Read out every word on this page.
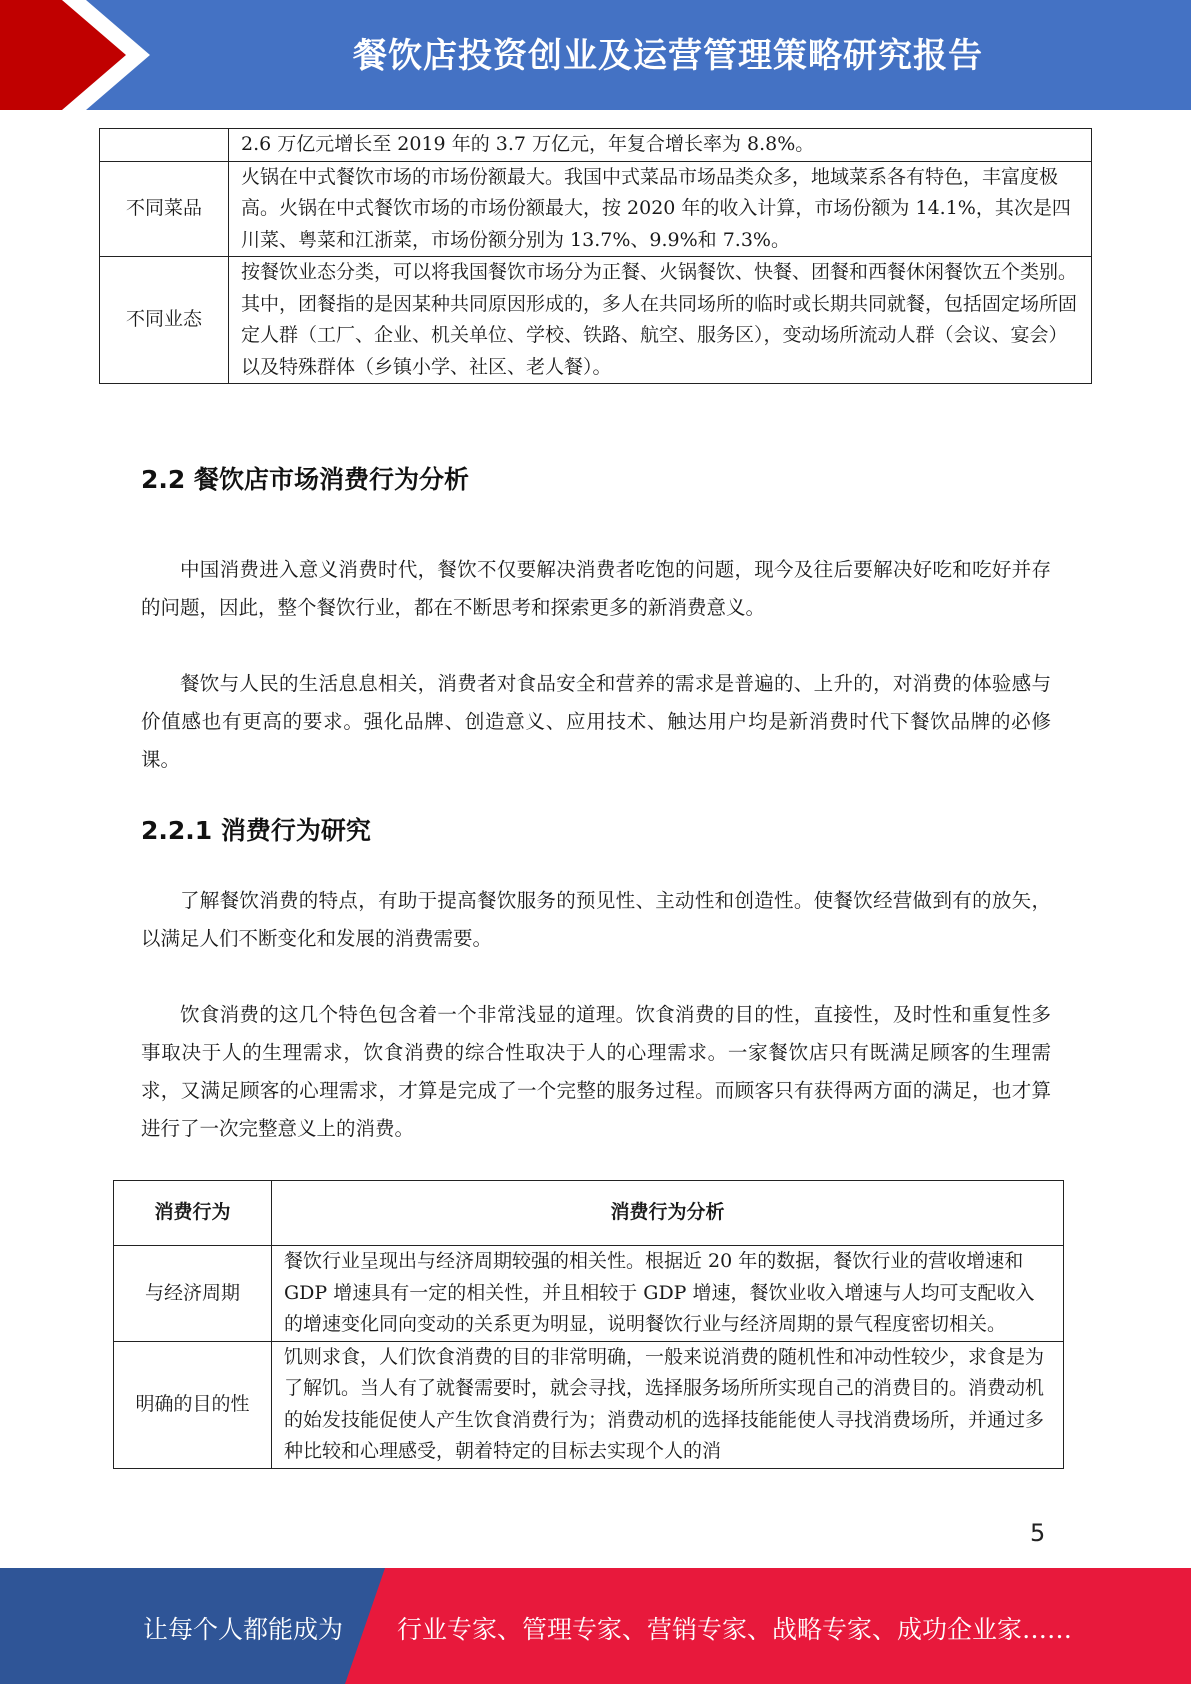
餐饮店投资创业及运营管理策略研究报告
	2.6 万亿元增长至 2019 年的 3.7 万亿元，年复合增长率为 8.8%。
不同菜品	火锅在中式餐饮市场的市场份额最大。我国中式菜品市场品类众多，地域菜系各有特色，丰富度极高。火锅在中式餐饮市场的市场份额最大，按 2020 年的收入计算，市场份额为 14.1%，其次是四川菜、粤菜和江浙菜，市场份额分别为 13.7%、9.9%和 7.3%。
不同业态	按餐饮业态分类，可以将我国餐饮市场分为正餐、火锅餐饮、快餐、团餐和西餐休闲餐饮五个类别。其中，团餐指的是因某种共同原因形成的，多人在共同场所的临时或长期共同就餐，包括固定场所固定人群（工厂、企业、机关单位、学校、铁路、航空、服务区），变动场所流动人群（会议、宴会）以及特殊群体（乡镇小学、社区、老人餐）。
2.2 餐饮店市场消费行为分析

中国消费进入意义消费时代，餐饮不仅要解决消费者吃饱的问题，现今及往后要解决好吃和吃好并存的问题，因此，整个餐饮行业，都在不断思考和探索更多的新消费意义。

餐饮与人民的生活息息相关，消费者对食品安全和营养的需求是普遍的、上升的，对消费的体验感与价值感也有更高的要求。强化品牌、创造意义、应用技术、触达用户均是新消费时代下餐饮品牌的必修课。

2.2.1 消费行为研究

了解餐饮消费的特点，有助于提高餐饮服务的预见性、主动性和创造性。使餐饮经营做到有的放矢，以满足人们不断变化和发展的消费需要。

饮食消费的这几个特色包含着一个非常浅显的道理。饮食消费的目的性，直接性，及时性和重复性多事取决于人的生理需求，饮食消费的综合性取决于人的心理需求。一家餐饮店只有既满足顾客的生理需求，又满足顾客的心理需求，才算是完成了一个完整的服务过程。而顾客只有获得两方面的满足，也才算进行了一次完整意义上的消费。

消费行为	消费行为分析
与经济周期	餐饮行业呈现出与经济周期较强的相关性。根据近 20 年的数据，餐饮行业的营收增速和 GDP 增速具有一定的相关性，并且相较于 GDP 增速，餐饮业收入增速与人均可支配收入的增速变化同向变动的关系更为明显，说明餐饮行业与经济周期的景气程度密切相关。
明确的目的性	饥则求食，人们饮食消费的目的非常明确，一般来说消费的随机性和冲动性较少，求食是为了解饥。当人有了就餐需要时，就会寻找，选择服务场所所实现自己的消费目的。消费动机的始发技能促使人产生饮食消费行为；消费动机的选择技能能使人寻找消费场所，并通过多种比较和心理感受，朝着特定的目标去实现个人的消
5
让每个人都能成为 行业专家、管理专家、营销专家、战略专家、成功企业家……
